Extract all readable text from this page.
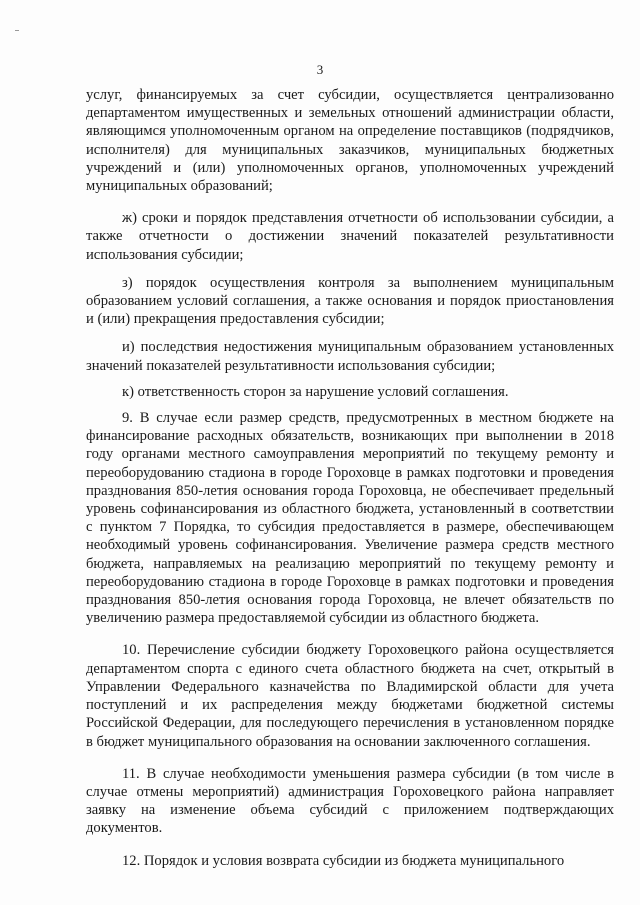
3

услуг, финансируемых за счет субсидии, осуществляется централизованно департаментом имущественных и земельных отношений администрации области, являющимся уполномоченным органом на определение поставщиков (подрядчиков, исполнителя) для муниципальных заказчиков, муниципальных бюджетных учреждений и (или) уполномоченных органов, уполномоченных учреждений муниципальных образований;

ж) сроки и порядок представления отчетности об использовании субсидии, а также отчетности о достижении значений показателей результативности использования субсидии;

з) порядок осуществления контроля за выполнением муниципальным образованием условий соглашения, а также основания и порядок приостановления и (или) прекращения предоставления субсидии;

и) последствия недостижения муниципальным образованием установленных значений показателей результативности использования субсидии;

к) ответственность сторон за нарушение условий соглашения.

9. В случае если размер средств, предусмотренных в местном бюджете на финансирование расходных обязательств, возникающих при выполнении в 2018 году органами местного самоуправления мероприятий по текущему ремонту и переоборудованию стадиона в городе Гороховце в рамках подготовки и проведения празднования 850-летия основания города Гороховца, не обеспечивает предельный уровень софинансирования из областного бюджета, установленный в соответствии с пунктом 7 Порядка, то субсидия предоставляется в размере, обеспечивающем необходимый уровень софинансирования. Увеличение размера средств местного бюджета, направляемых на реализацию мероприятий по текущему ремонту и переоборудованию стадиона в городе Гороховце в рамках подготовки и проведения празднования 850-летия основания города Гороховца, не влечет обязательств по увеличению размера предоставляемой субсидии из областного бюджета.

10. Перечисление субсидии бюджету Гороховецкого района осуществляется департаментом спорта с единого счета областного бюджета на счет, открытый в Управлении Федерального казначейства по Владимирской области для учета поступлений и их распределения между бюджетами бюджетной системы Российской Федерации, для последующего перечисления в установленном порядке в бюджет муниципального образования на основании заключенного соглашения.

11. В случае необходимости уменьшения размера субсидии (в том числе в случае отмены мероприятий) администрация Гороховецкого района направляет заявку на изменение объема субсидий с приложением подтверждающих документов.

12. Порядок и условия возврата субсидии из бюджета муниципального
